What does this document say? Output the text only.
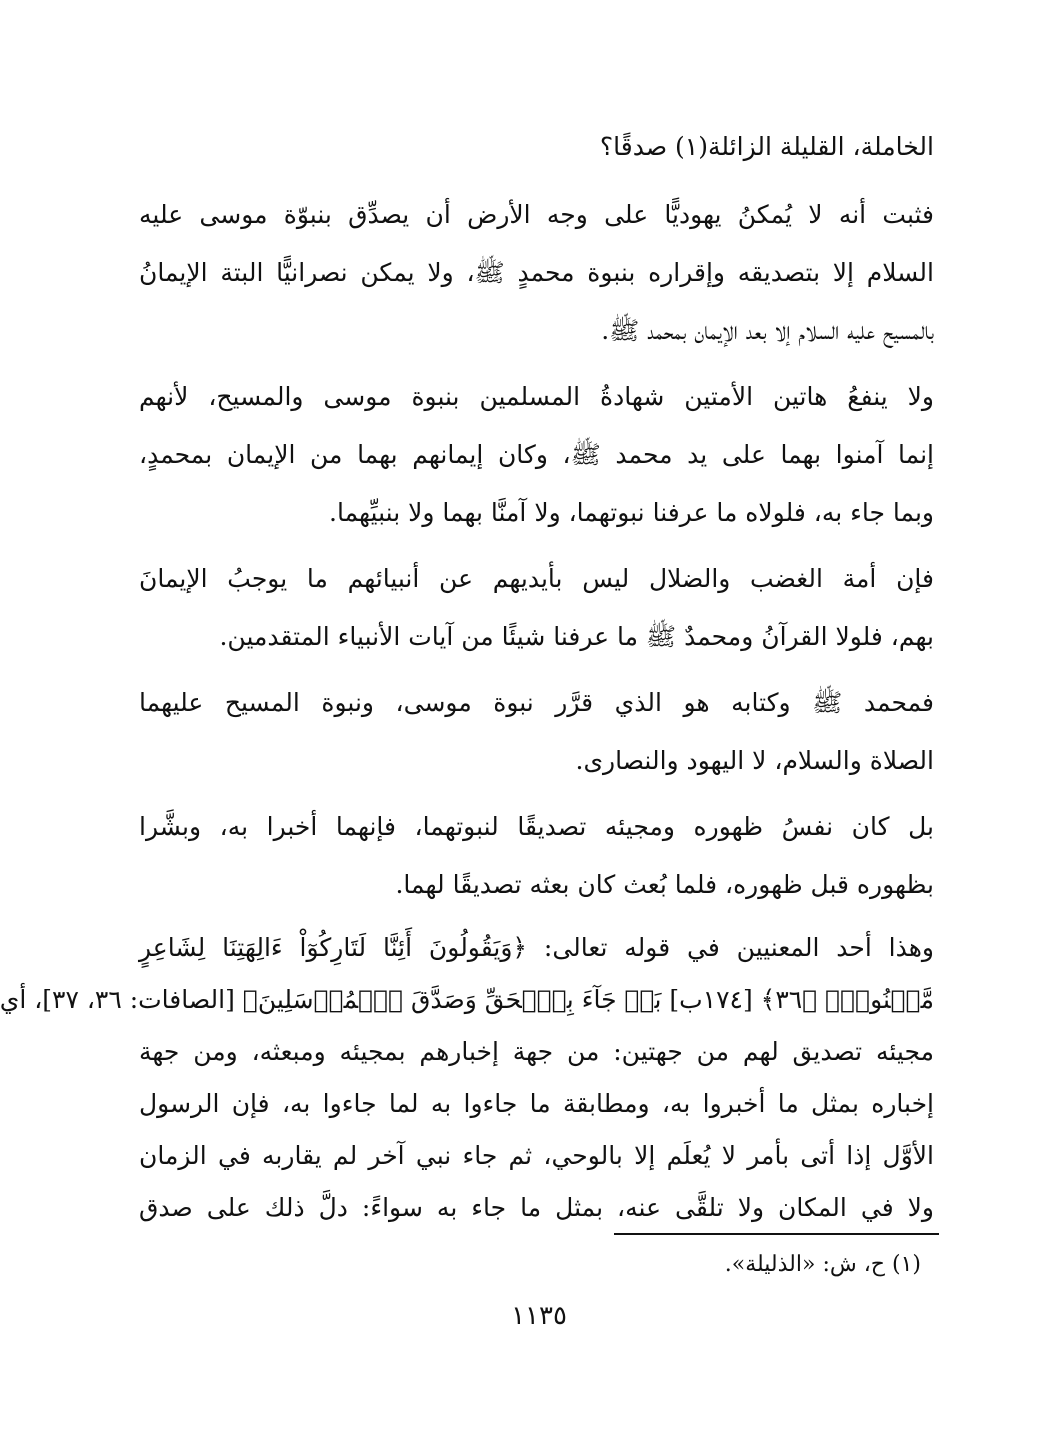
الخاملة، القليلة الزائلة(١) صدقًا؟

فثبت أنه لا يُمكنُ يهوديًّا على وجه الأرض أن يصدِّق بنبوّة موسى عليه
السلام إلا بتصديقه وإقراره بنبوة محمدٍ ﷺ، ولا يمكن نصرانيًّا البتة الإيمانُ
بالمسيح عليه السلام إلا بعد الإيمان بمحمد ﷺ.

ولا ينفعُ هاتين الأمتين شهادةُ المسلمين بنبوة موسى والمسيح، لأنهم
إنما آمنوا بهما على يد محمد ﷺ، وكان إيمانهم بهما من الإيمان بمحمدٍ،
وبما جاء به، فلولاه ما عرفنا نبوتهما، ولا آمنَّا بهما ولا بنبيِّهما.

فإن أمة الغضب والضلال ليس بأيديهم عن أنبيائهم ما يوجبُ الإيمانَ
بهم، فلولا القرآنُ ومحمدٌ ﷺ ما عرفنا شيئًا من آيات الأنبياء المتقدمين.

فمحمد ﷺ وكتابه هو الذي قرَّر نبوة موسى، ونبوة المسيح عليهما
الصلاة والسلام، لا اليهود والنصارى.

بل كان نفسُ ظهوره ومجيئه تصديقًا لنبوتهما، فإنهما أخبرا به، وبشَّرا
بظهوره قبل ظهوره، فلما بُعث كان بعثه تصديقًا لهما.

وهذا أحد المعنيين في قوله تعالى: ﴿وَيَقُولُونَ أَئِنَّا لَتَارِكُوٓاْ ءَالِهَتِنَا لِشَاعِرٍ
مَّجۡنُونِۭ ﴿٣٦﴾ [١٧٤ب] بَلۡ جَآءَ بِٱلۡحَقِّ وَصَدَّقَ ٱلۡمُرۡسَلِينَ﴾ [الصافات: ٣٦، ٣٧]، أي
مجيئه تصديق لهم من جهتين: من جهة إخبارهم بمجيئه ومبعثه، ومن جهة
إخباره بمثل ما أخبروا به، ومطابقة ما جاءوا به لما جاءوا به، فإن الرسول
الأوَّل إذا أتى بأمر لا يُعلَم إلا بالوحي، ثم جاء نبي آخر لم يقاربه في الزمان
ولا في المكان ولا تلقَّى عنه، بمثل ما جاء به سواءً: دلَّ ذلك على صدق

(١) ح، ش: «الذليلة».
١١٣٥
